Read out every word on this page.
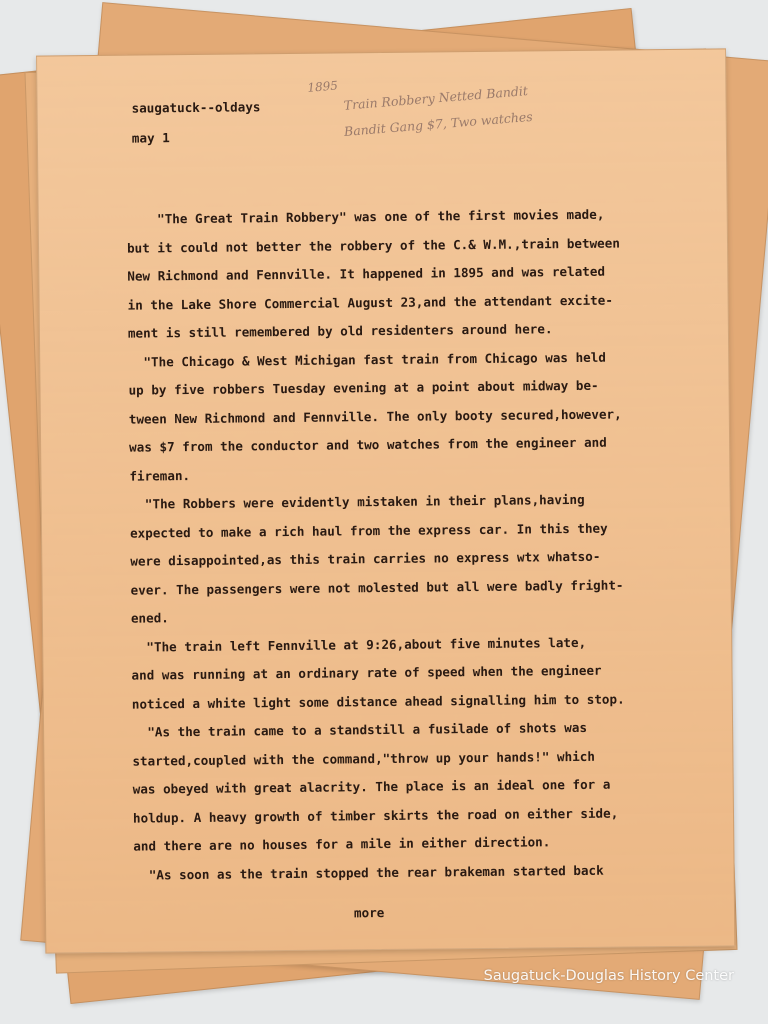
saugatuck--oldays
may 1
1895 Train Robbery Netted Bandit
Bandit Gang $7, Two watches
"The Great Train Robbery" was one of the first movies made,
but it could not better the robbery of the C.& W.M.,train between
New Richmond and Fennville. It happened in 1895 and was related
in the Lake Shore Commercial August 23,and the attendant excite-
ment is still remembered by old residenters around here.
"The Chicago & West Michigan fast train from Chicago was held
up by five robbers Tuesday evening at a point about midway be-
tween New Richmond and Fennville. The only booty secured,however,
was $7 from the conductor and two watches from the engineer and
fireman.
"The Robbers were evidently mistaken in their plans,having
expected to make a rich haul from the express car. In this they
were disappointed,as this train carries no express wtx whatso-
ever. The passengers were not molested but all were badly fright-
ened.
"The train left Fennville at 9:26,about five minutes late,
and was running at an ordinary rate of speed when the engineer
noticed a white light some distance ahead signalling him to stop.
"As the train came to a standstill a fusilade of shots was
started,coupled with the command,"throw up your hands!" which
was obeyed with great alacrity. The place is an ideal one for a
holdup. A heavy growth of timber skirts the road on either side,
and there are no houses for a mile in either direction.
"As soon as the train stopped the rear brakeman started back
more
Saugatuck-Douglas History Center
